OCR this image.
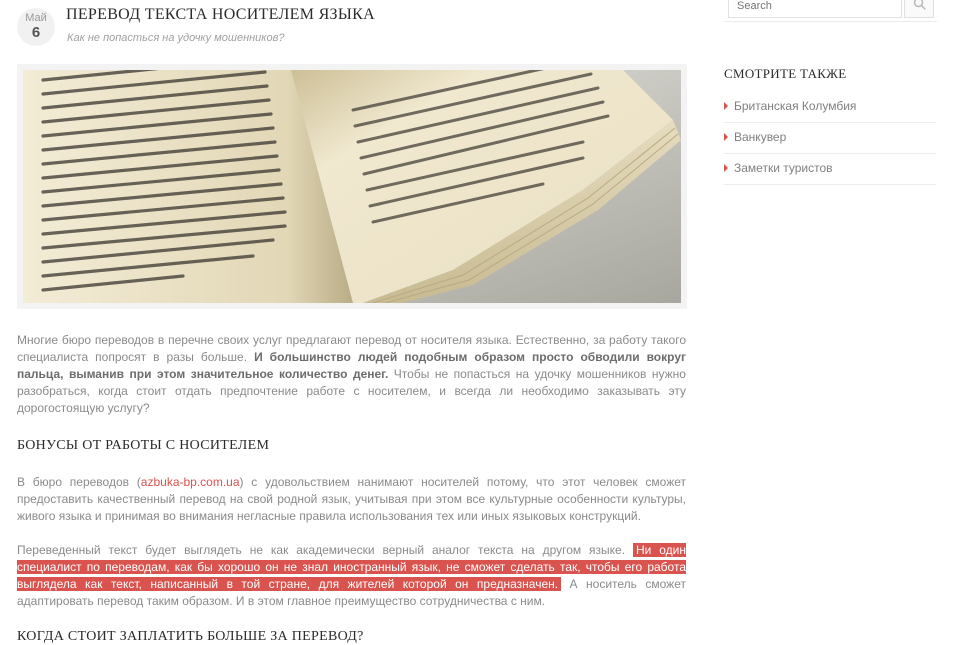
Май
6
ПЕРЕВОД ТЕКСТА НОСИТЕЛЕМ ЯЗЫКА
Как не попасться на удочку мошенников?

Многие бюро переводов в перечне своих услуг предлагают перевод от носителя языка. Естественно, за работу такого специалиста попросят в разы больше. И большинство людей подобным образом просто обводили вокруг пальца, выманив при этом значительное количество денег. Чтобы не попасться на удочку мошенников нужно разобраться, когда стоит отдать предпочтение работе с носителем, и всегда ли необходимо заказывать эту дорогостоящую услугу?

БОНУСЫ ОТ РАБОТЫ С НОСИТЕЛЕМ

В бюро переводов (azbuka-bp.com.ua) с удовольствием нанимают носителей потому, что этот человек сможет предоставить качественный перевод на свой родной язык, учитывая при этом все культурные особенности культуры, живого языка и принимая во внимания негласные правила использования тех или иных языковых конструкций.

Переведенный текст будет выглядеть не как академически верный аналог текста на другом языке. Ни один специалист по переводам, как бы хорошо он не знал иностранный язык, не сможет сделать так, чтобы его работа выглядела как текст, написанный в той стране, для жителей которой он предназначен. А носитель сможет адаптировать перевод таким образом. И в этом главное преимущество сотрудничества с ним.

КОГДА СТОИТ ЗАПЛАТИТЬ БОЛЬШЕ ЗА ПЕРЕВОД?
Search
СМОТРИТЕ ТАКЖЕ
Британская Колумбия
Ванкувер
Заметки туристов
